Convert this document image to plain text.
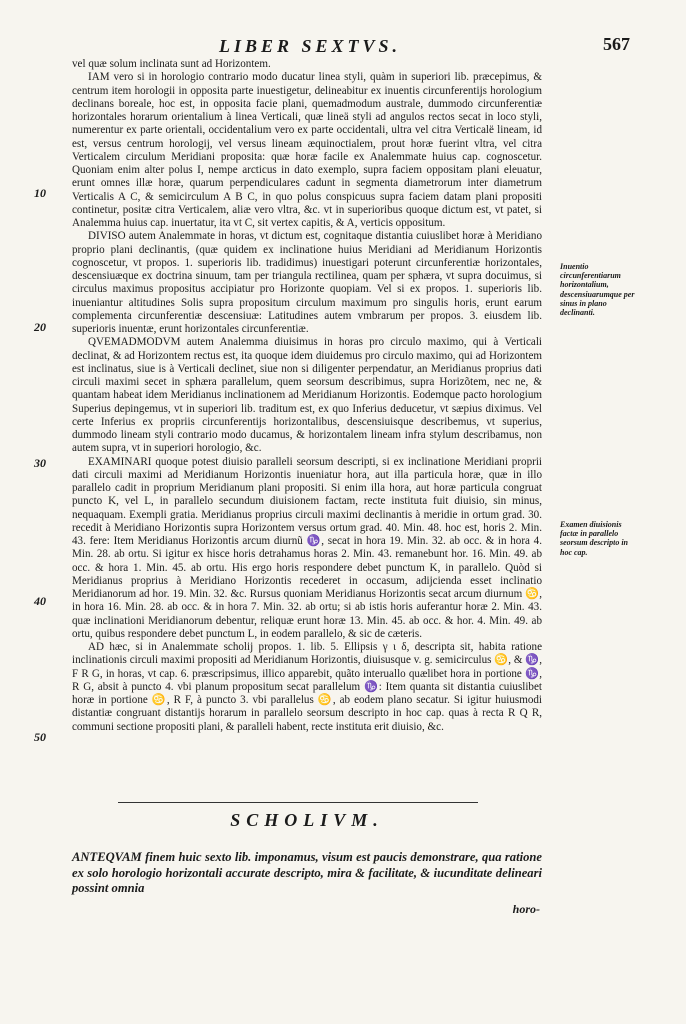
LIBER SEXTVS.	567

vel quæ solum inclinata sunt ad Horizontem.

IAM vero si in horologio contrario modo ducatur linea styli, quàm in superiori lib. præcepimus, & centrum item horologii in opposita parte inuestigetur, delineabitur ex inuentis circunferentijs horologium declinans boreale, hoc est, in opposita facie plani, quemadmodum australe, dummodo circunferentiæ horizontales horarum orientalium à linea Verticali, quæ lineä styli ad angulos rectos secat in loco styli, numerentur ex parte orientali, occidentalium vero ex parte occidentali, ultra vel citra Verticalë lineam, id est, versus centrum horologij, vel versus lineam æquinoctialem, prout horæ fuerint vltra, vel citra Verticalem circulum Meridiani proposita: quæ horæ facile ex Analemmate huius cap. cognoscetur. Quoniam enim alter polus I, nempe arcticus in dato exemplo, supra faciem oppositam plani eleuatur, erunt omnes illæ horæ, quarum perpendiculares cadunt in segmenta diametrorum inter diametrum Verticalis A C, & semicirculum A B C, in quo polus conspicuus supra faciem datam plani propositi continetur, positæ citra Verticalem, aliæ vero vltra, &c. vt in superioribus quoque dictum est, vt patet, si Analemma huius cap. inuertatur, ita vt C, sit vertex capitis, & A, verticis oppositum.

DIVISO autem Analemmate in horas, vt dictum est, cognitaque distantia cuiuslibet horæ à Meridiano proprio plani declinantis, (quæ quidem ex inclinatione huius Meridiani ad Meridianum Horizontis cognoscetur, vt propos. 1. superioris lib. tradidimus) inuestigari poterunt circunferentiæ horizontales, descensiuæque ex doctrina sinuum, tam per triangula rectilinea, quam per sphæra, vt supra docuimus, si circulus maximus propositus accipiatur pro Horizonte quopiam. Vel si ex propos. 1. superioris lib. inueniantur altitudines Solis supra propositum circulum maximum pro singulis horis, erunt earum complementa circunferentiæ descensiuæ: Latitudines autem vmbrarum per propos. 3. eiusdem lib. superioris inuentæ, erunt horizontales circunferentiæ.

QVEMADMODVM autem Analemma diuisimus in horas pro circulo maximo, qui à Verticali declinat, & ad Horizontem rectus est, ita quoque idem diuidemus pro circulo maximo, qui ad Horizontem est inclinatus, siue is à Verticali declinet, siue non si diligenter perpendatur, an Meridianus proprius dati circuli maximi secet in sphæra parallelum, quem seorsum describimus, supra Horizõtem, nec ne, & quantam habeat idem Meridianus inclinationem ad Meridianum Horizontis. Eodemque pacto horologium Superius depingemus, vt in superiori lib. traditum est, ex quo Inferius deducetur, vt sæpius diximus. Vel certe Inferius ex propriis circunferentijs horizontalibus, descensiuisque describemus, vt superius, dummodo lineam styli contrario modo ducamus, & horizontalem lineam infra stylum describamus, non autem supra, vt in superiori horologio, &c.

EXAMINARI quoque potest diuisio paralleli seorsum descripti, si ex inclinatione Meridiani proprii dati circuli maximi ad Meridianum Horizontis inueniatur hora, aut illa particula horæ, quæ in illo parallelo cadit in proprium Meridianum plani propositi. Si enim illa hora, aut horæ particula congruat puncto K, vel L, in parallelo secundum diuisionem factam, recte instituta fuit diuisio, sin minus, nequaquam. Exempli gratia. Meridianus proprius circuli maximi declinantis à meridie in ortum grad. 30. recedit à Meridiano Horizontis supra Horizontem versus ortum grad. 40. Min. 48. hoc est, horis 2. Min. 43. fere: Item Meridianus Horizontis arcum diurnũ ♑, secat in hora 19. Min. 32. ab occ. & in hora 4. Min. 28. ab ortu. Si igitur ex hisce horis detrahamus horas 2. Min. 43. remanebunt hor. 16. Min. 49. ab occ. & hora 1. Min. 45. ab ortu. His ergo horis respondere debet punctum K, in parallelo. Quòd si Meridianus proprius à Meridiano Horizontis recederet in occasum, adijcienda esset inclinatio Meridianorum ad hor. 19. Min. 32. &c. Rursus quoniam Meridianus Horizontis secat arcum diurnum ♋, in hora 16. Min. 28. ab occ. & in hora 7. Min. 32. ab ortu; si ab istis horis auferantur horæ 2. Min. 43. quæ inclinationi Meridianorum debentur, reliquæ erunt horæ 13. Min. 45. ab occ. & hor. 4. Min. 49. ab ortu, quibus respondere debet punctum L, in eodem parallelo, & sic de cæteris.

AD hæc, si in Analemmate scholij propos. 1. lib. 5. Ellipsis γ ι δ, descripta sit, habita ratione inclinationis circuli maximi propositi ad Meridianum Horizontis, diuisusque v. g. semicirculus ♋, & ♑, F R G, in horas, vt cap. 6. præscripsimus, illico apparebit, quãto interuallo quælibet hora in portione ♑, R G, absit à puncto 4. vbi planum propositum secat parallelum ♑: Item quanta sit distantia cuiuslibet horæ in portione ♋, R F, à puncto 3. vbi parallelus ♋, ab eodem plano secatur. Si igitur huiusmodi distantiæ congruant distantijs horarum in parallelo seorsum descripto in hoc cap. quas à recta R Q R, communi sectione propositi plani, & paralleli habent, recte instituta erit diuisio, &c.

10
20
30
40
50
Inuentio circunferentiarum horizontalium, descensiuarumque per sinus in plano declinanti.
Examen diuisionis factæ in parallelo seorsum descripto in hoc cap.
SCHOLIVM.
ANTEQVAM finem huic sexto lib. imponamus, visum est paucis demonstrare, qua ratione ex solo horologio horizontali accurate descripto, mira & facilitate, & iucunditate delineari possint omnia
horo-
